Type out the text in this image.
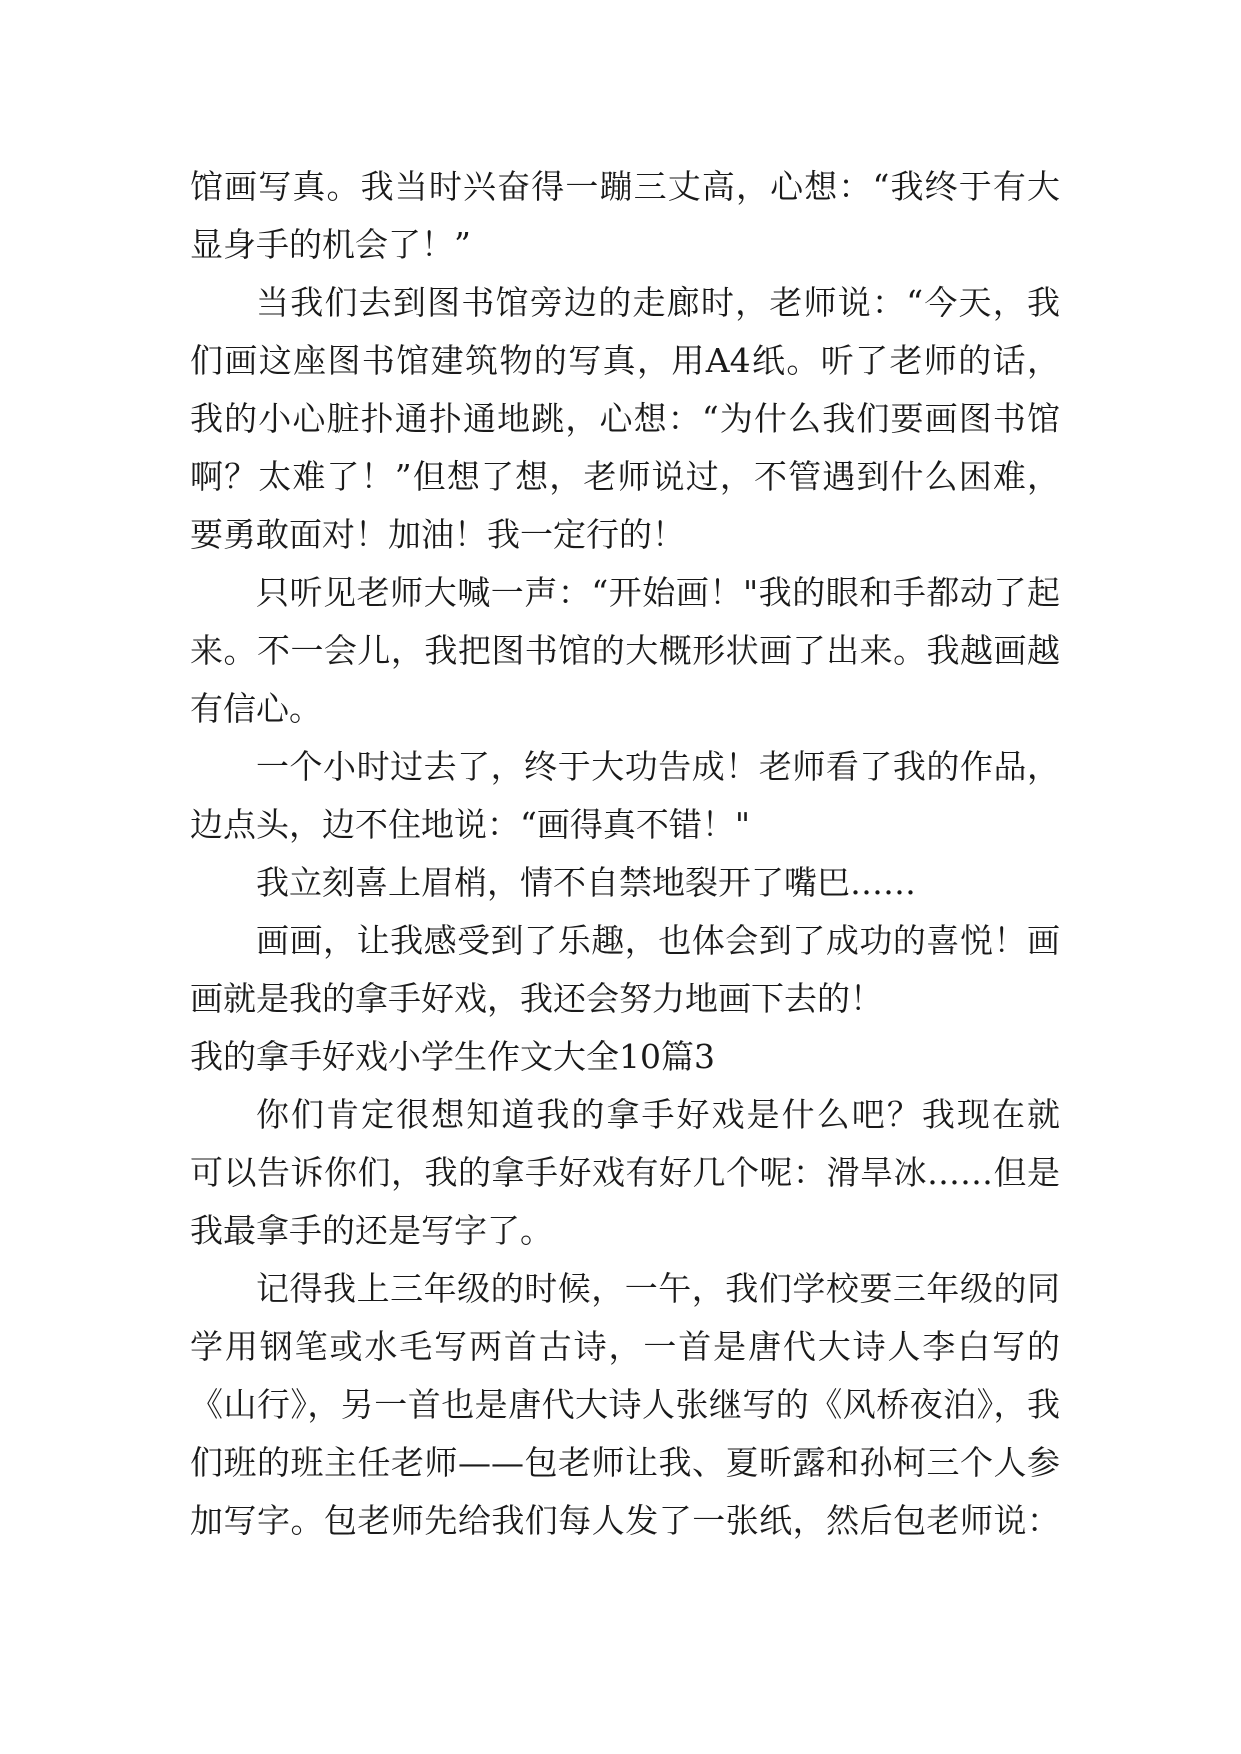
馆画写真。我当时兴奋得一蹦三丈高，心想：“我终于有大
显身手的机会了！”
当我们去到图书馆旁边的走廊时，老师说：“今天，我
们画这座图书馆建筑物的写真，用A4纸。听了老师的话，
我的小心脏扑通扑通地跳，心想：“为什么我们要画图书馆
啊？太难了！”但想了想，老师说过，不管遇到什么困难，
要勇敢面对！加油！我一定行的！
只听见老师大喊一声：“开始画！"我的眼和手都动了起
来。不一会儿，我把图书馆的大概形状画了出来。我越画越
有信心。
一个小时过去了，终于大功告成！老师看了我的作品，
边点头，边不住地说：“画得真不错！"
我立刻喜上眉梢，情不自禁地裂开了嘴巴……
画画，让我感受到了乐趣，也体会到了成功的喜悦！画
画就是我的拿手好戏，我还会努力地画下去的！
我的拿手好戏小学生作文大全10篇3
你们肯定很想知道我的拿手好戏是什么吧？我现在就
可以告诉你们，我的拿手好戏有好几个呢：滑旱冰……但是
我最拿手的还是写字了。
记得我上三年级的时候，一午，我们学校要三年级的同
学用钢笔或水毛写两首古诗，一首是唐代大诗人李白写的
《山行》，另一首也是唐代大诗人张继写的《风桥夜泊》，我
们班的班主任老师——包老师让我、夏昕露和孙柯三个人参
加写字。包老师先给我们每人发了一张纸，然后包老师说：
